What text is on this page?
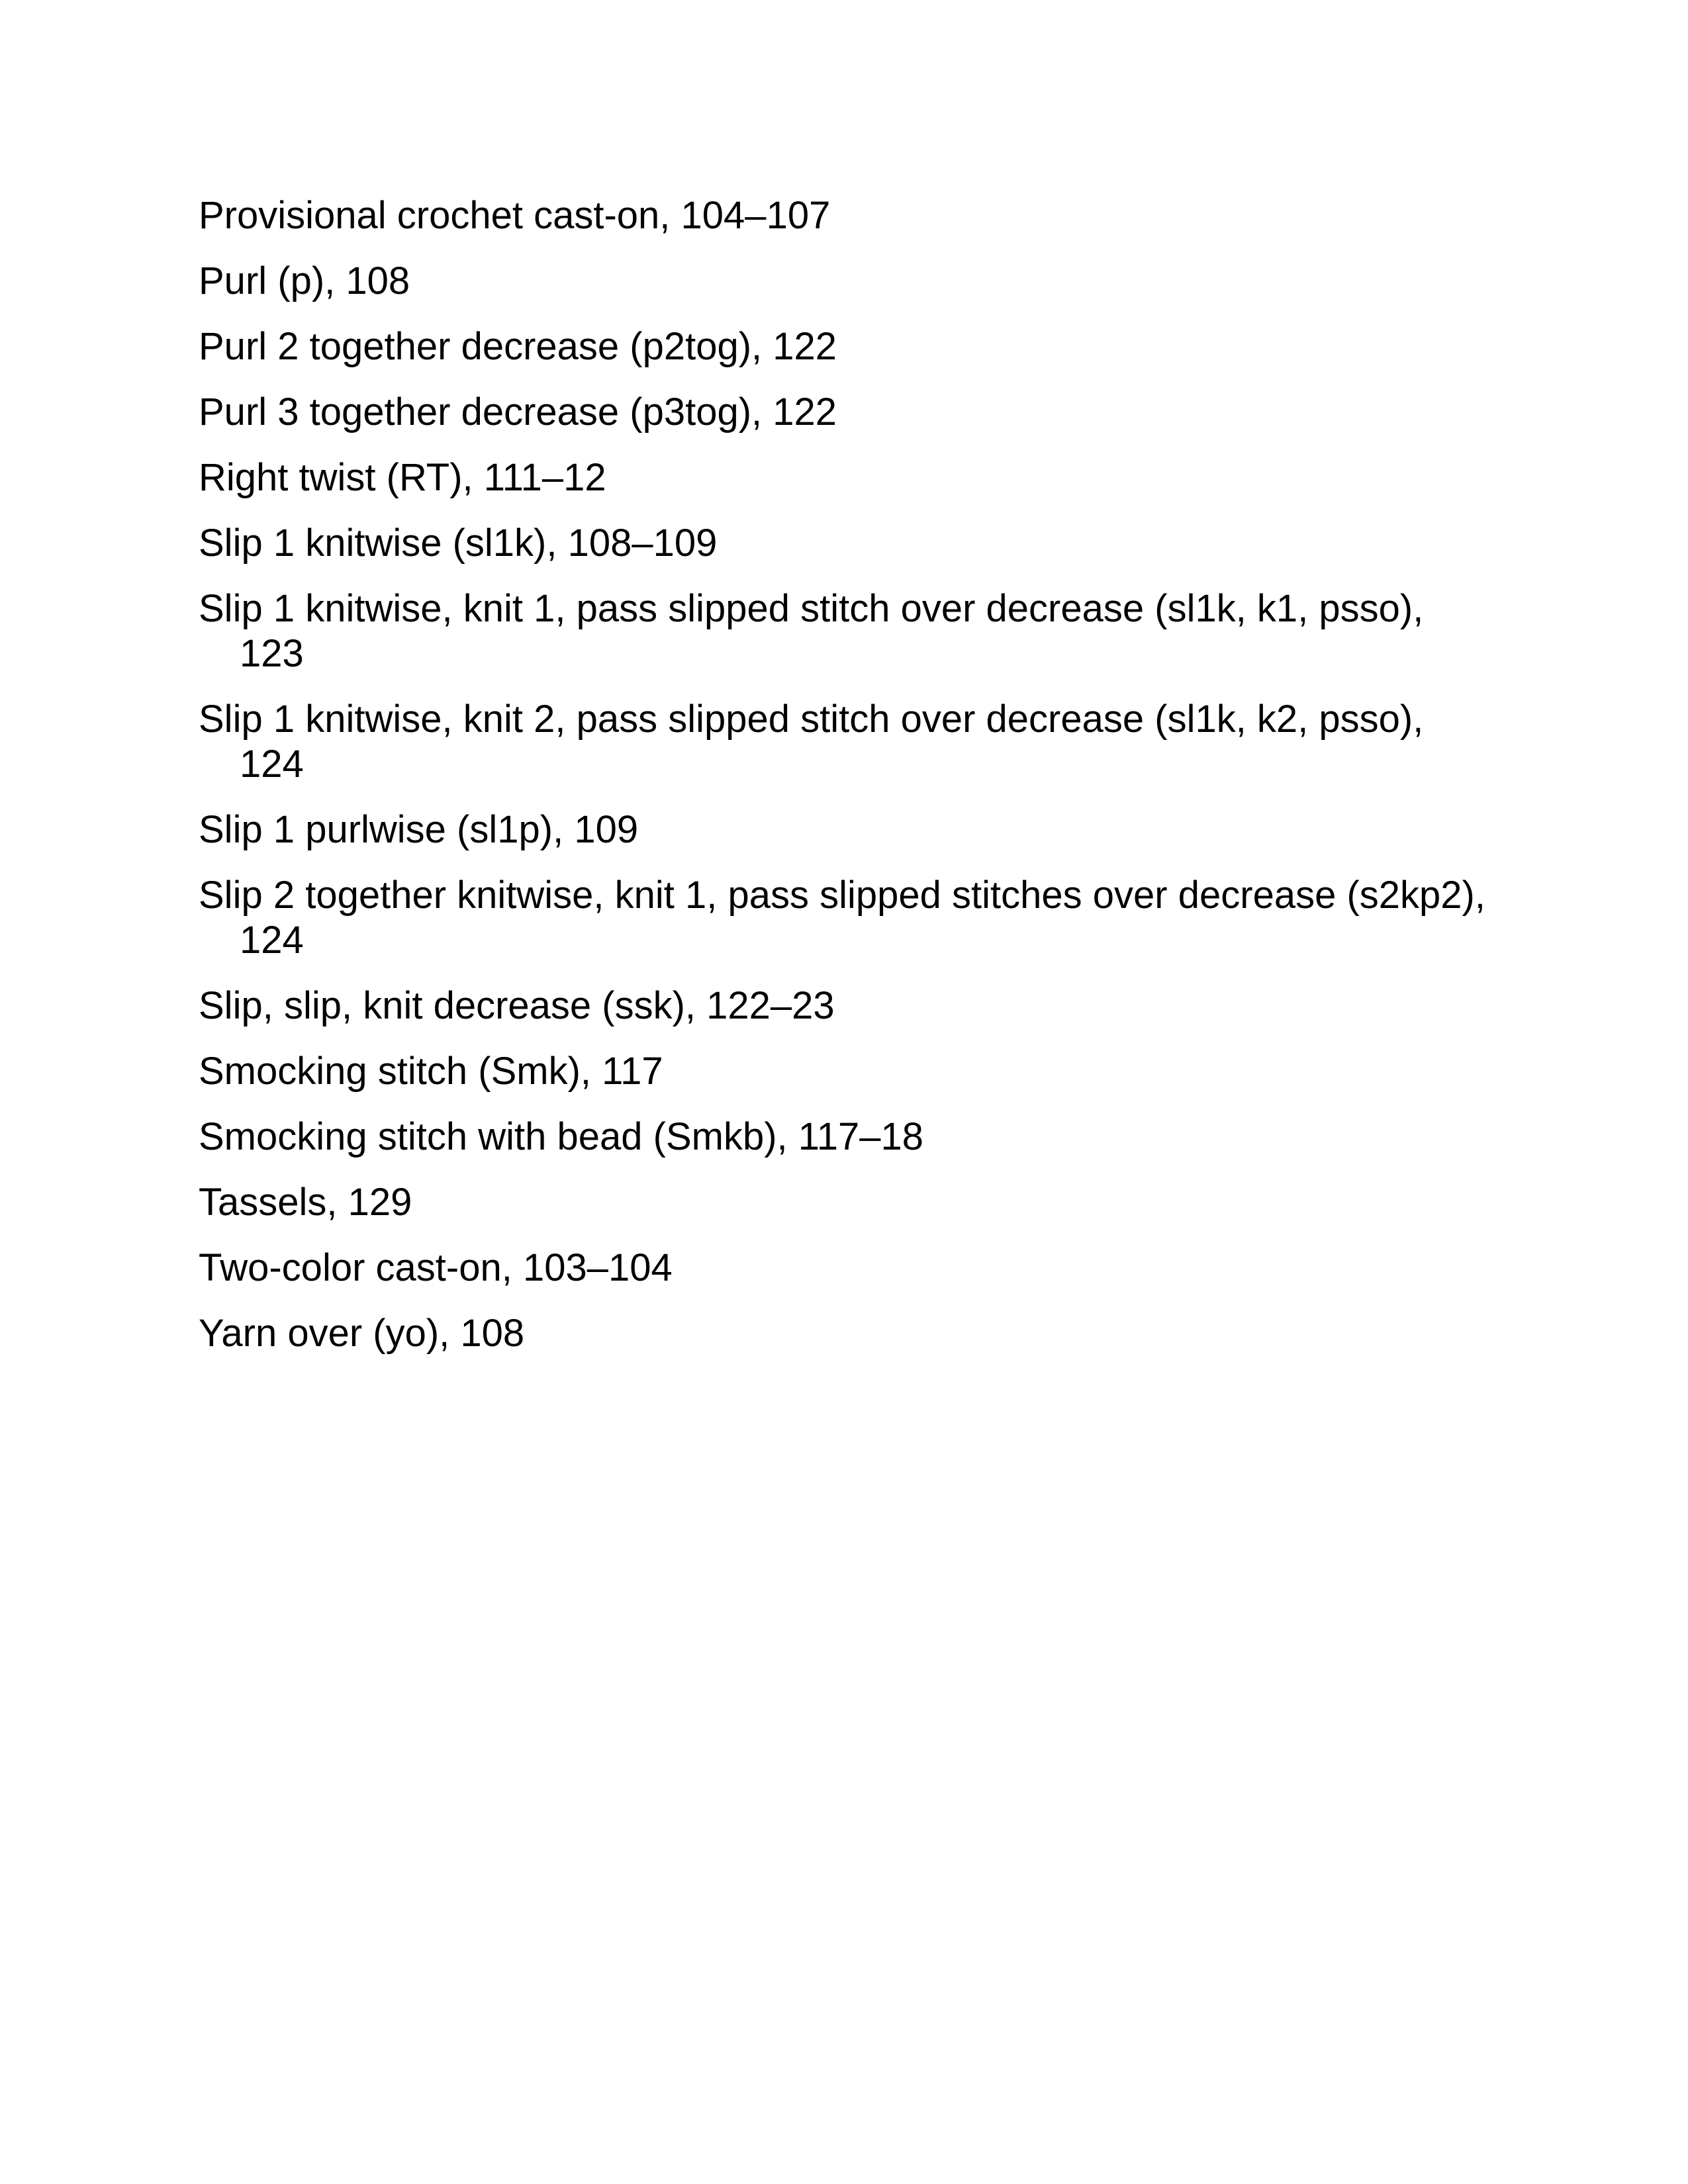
Provisional crochet cast-on, 104–107
Purl (p), 108
Purl 2 together decrease (p2tog), 122
Purl 3 together decrease (p3tog), 122
Right twist (RT), 111–12
Slip 1 knitwise (sl1k), 108–109
Slip 1 knitwise, knit 1, pass slipped stitch over decrease (sl1k, k1, psso), 123
Slip 1 knitwise, knit 2, pass slipped stitch over decrease (sl1k, k2, psso), 124
Slip 1 purlwise (sl1p), 109
Slip 2 together knitwise, knit 1, pass slipped stitches over decrease (s2kp2), 124
Slip, slip, knit decrease (ssk), 122–23
Smocking stitch (Smk), 117
Smocking stitch with bead (Smkb), 117–18
Tassels, 129
Two-color cast-on, 103–104
Yarn over (yo), 108
